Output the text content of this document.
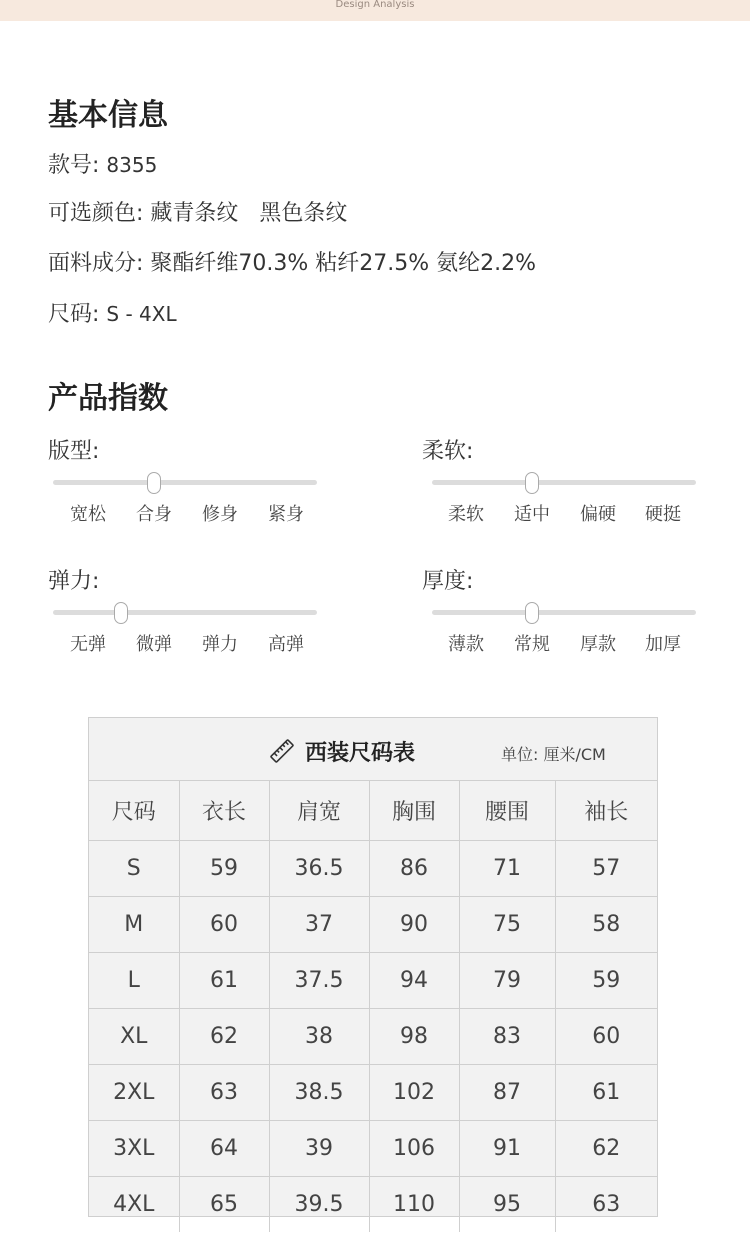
$^{Design Analysis}$
基本信息
款号: 8355
可选颜色: 藏青条纹   黑色条纹
面料成分: 聚酯纤维70.3% 粘纤27.5% 氨纶2.2%
尺码: S - 4XL
产品指数
版型:
宽松	合身	修身	紧身
柔软:
柔软	适中	偏硬	硬挺
弹力:
无弹	微弹	弹力	高弹
厚度:
薄款	常规	厚款	加厚
西装尺码表	单位: 厘米/CM
尺码	衣长	肩宽	胸围	腰围	袖长
S	59	36.5	86	71	57
M	60	37	90	75	58
L	61	37.5	94	79	59
XL	62	38	98	83	60
2XL	63	38.5	102	87	61
3XL	64	39	106	91	62
4XL	65	39.5	110	95	63
